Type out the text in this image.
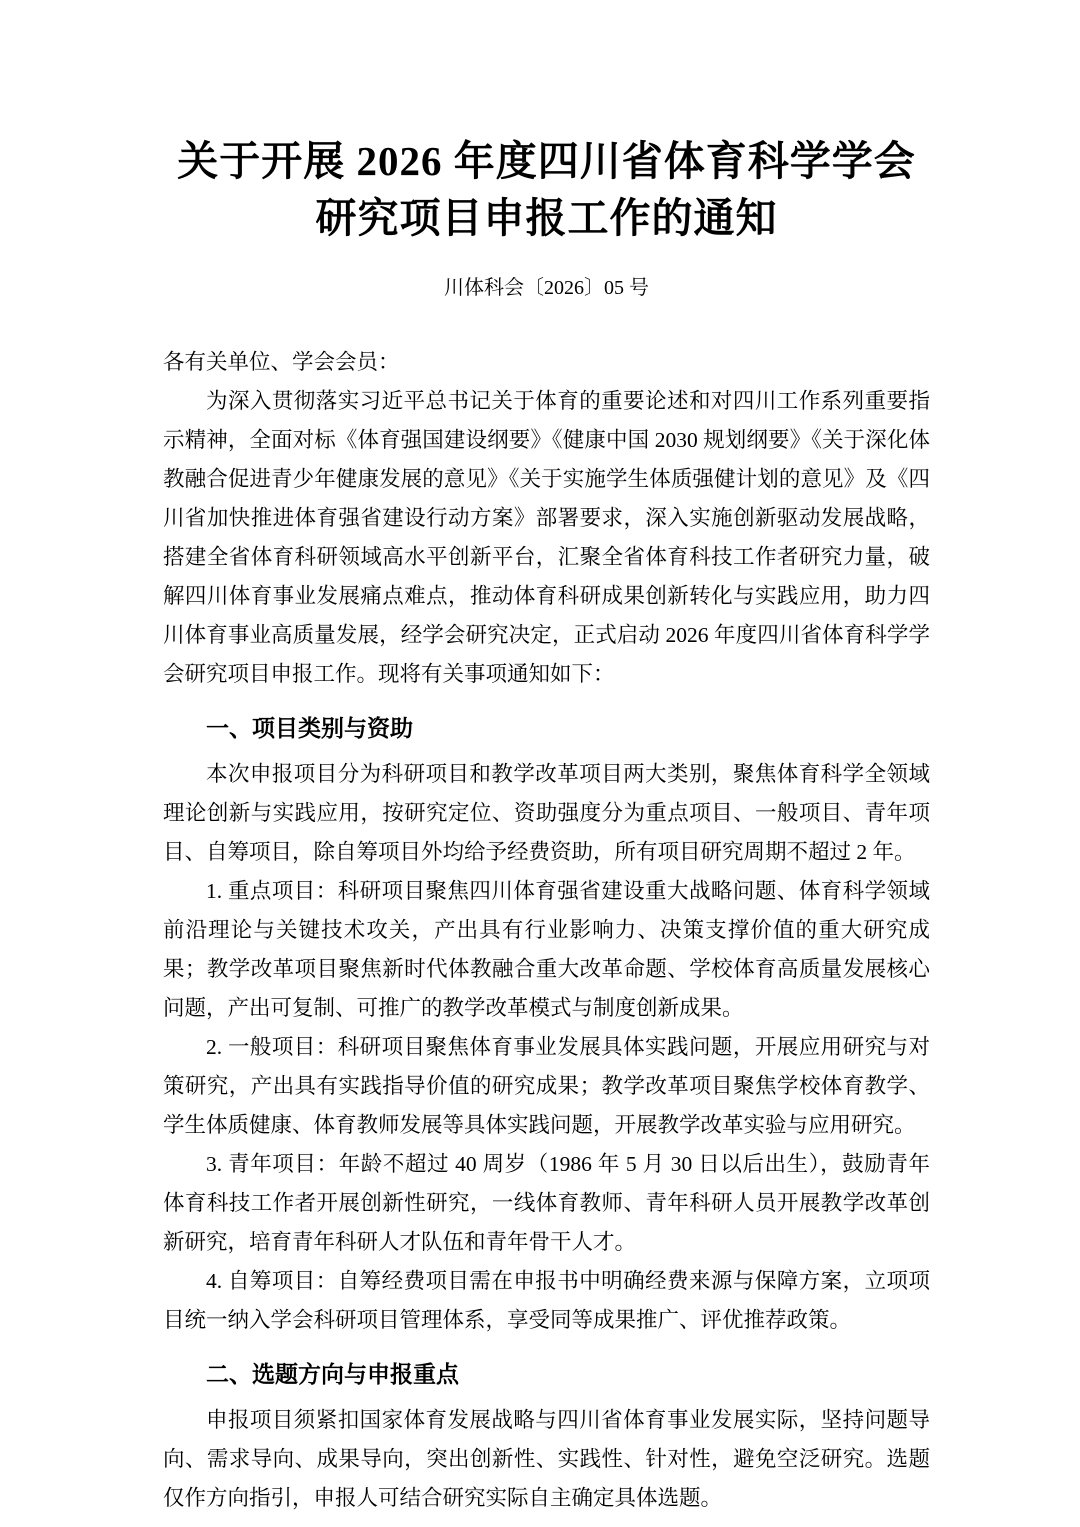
关于开展 2026 年度四川省体育科学学会
研究项目申报工作的通知
川体科会〔2026〕05 号

各有关单位、学会会员：

为深入贯彻落实习近平总书记关于体育的重要论述和对四川工作系列重要指示精神，全面对标《体育强国建设纲要》《健康中国 2030 规划纲要》《关于深化体教融合促进青少年健康发展的意见》《关于实施学生体质强健计划的意见》及《四川省加快推进体育强省建设行动方案》部署要求，深入实施创新驱动发展战略，搭建全省体育科研领域高水平创新平台，汇聚全省体育科技工作者研究力量，破解四川体育事业发展痛点难点，推动体育科研成果创新转化与实践应用，助力四川体育事业高质量发展，经学会研究决定，正式启动 2026 年度四川省体育科学学会研究项目申报工作。现将有关事项通知如下：

一、项目类别与资助

本次申报项目分为科研项目和教学改革项目两大类别，聚焦体育科学全领域理论创新与实践应用，按研究定位、资助强度分为重点项目、一般项目、青年项目、自筹项目，除自筹项目外均给予经费资助，所有项目研究周期不超过 2 年。

1. 重点项目：科研项目聚焦四川体育强省建设重大战略问题、体育科学领域前沿理论与关键技术攻关，产出具有行业影响力、决策支撑价值的重大研究成果；教学改革项目聚焦新时代体教融合重大改革命题、学校体育高质量发展核心问题，产出可复制、可推广的教学改革模式与制度创新成果。

2. 一般项目：科研项目聚焦体育事业发展具体实践问题，开展应用研究与对策研究，产出具有实践指导价值的研究成果；教学改革项目聚焦学校体育教学、学生体质健康、体育教师发展等具体实践问题，开展教学改革实验与应用研究。

3. 青年项目：年龄不超过 40 周岁（1986 年 5 月 30 日以后出生），鼓励青年体育科技工作者开展创新性研究，一线体育教师、青年科研人员开展教学改革创新研究，培育青年科研人才队伍和青年骨干人才。

4. 自筹项目：自筹经费项目需在申报书中明确经费来源与保障方案，立项项目统一纳入学会科研项目管理体系，享受同等成果推广、评优推荐政策。

二、选题方向与申报重点

申报项目须紧扣国家体育发展战略与四川省体育事业发展实际，坚持问题导向、需求导向、成果导向，突出创新性、实践性、针对性，避免空泛研究。选题仅作方向指引，申报人可结合研究实际自主确定具体选题。
